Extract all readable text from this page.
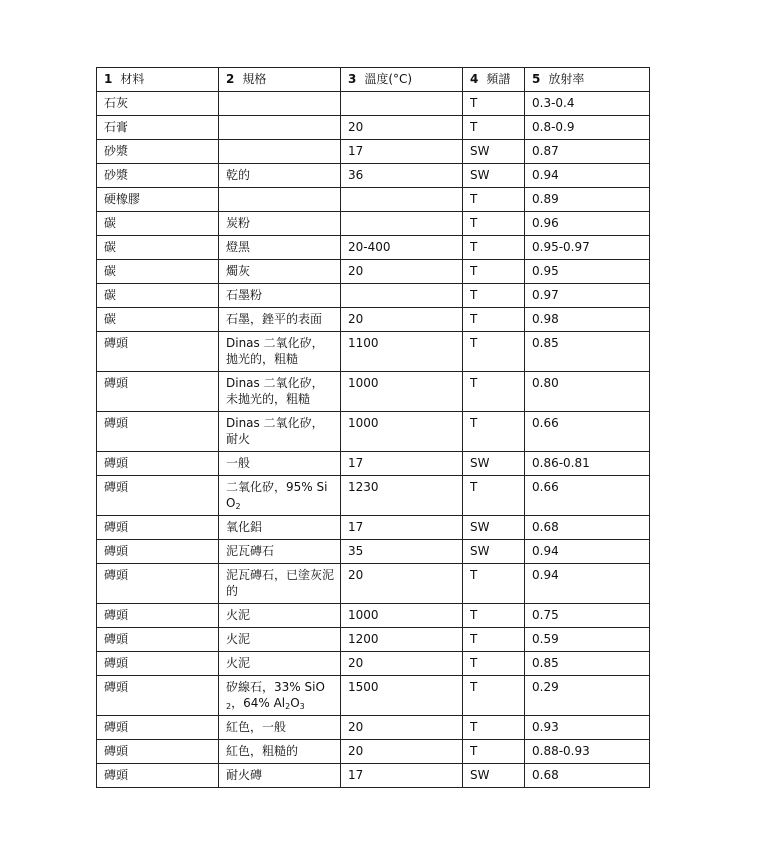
1 材料	2 規格	3 溫度(°C)	4 頻譜	5 放射率
石灰			T	0.3-0.4
石膏		20	T	0.8-0.9
砂漿		17	SW	0.87
砂漿	乾的	36	SW	0.94
硬橡膠			T	0.89
碳	炭粉		T	0.96
碳	燈黑	20-400	T	0.95-0.97
碳	燭灰	20	T	0.95
碳	石墨粉		T	0.97
碳	石墨，銼平的表面	20	T	0.98
磚頭	Dinas 二氧化矽，拋光的，粗糙	1100	T	0.85
磚頭	Dinas 二氧化矽，未拋光的，粗糙	1000	T	0.80
磚頭	Dinas 二氧化矽，耐火	1000	T	0.66
磚頭	一般	17	SW	0.86-0.81
磚頭	二氧化矽，95% SiO$_2$	1230	T	0.66
磚頭	氧化鋁	17	SW	0.68
磚頭	泥瓦磚石	35	SW	0.94
磚頭	泥瓦磚石，已塗灰泥的	20	T	0.94
磚頭	火泥	1000	T	0.75
磚頭	火泥	1200	T	0.59
磚頭	火泥	20	T	0.85
磚頭	矽線石，33% SiO$_2$，64% $Al_2O_3$	1500	T	0.29
磚頭	紅色，一般	20	T	0.93
磚頭	紅色，粗糙的	20	T	0.88-0.93
磚頭	耐火磚	17	SW	0.68
